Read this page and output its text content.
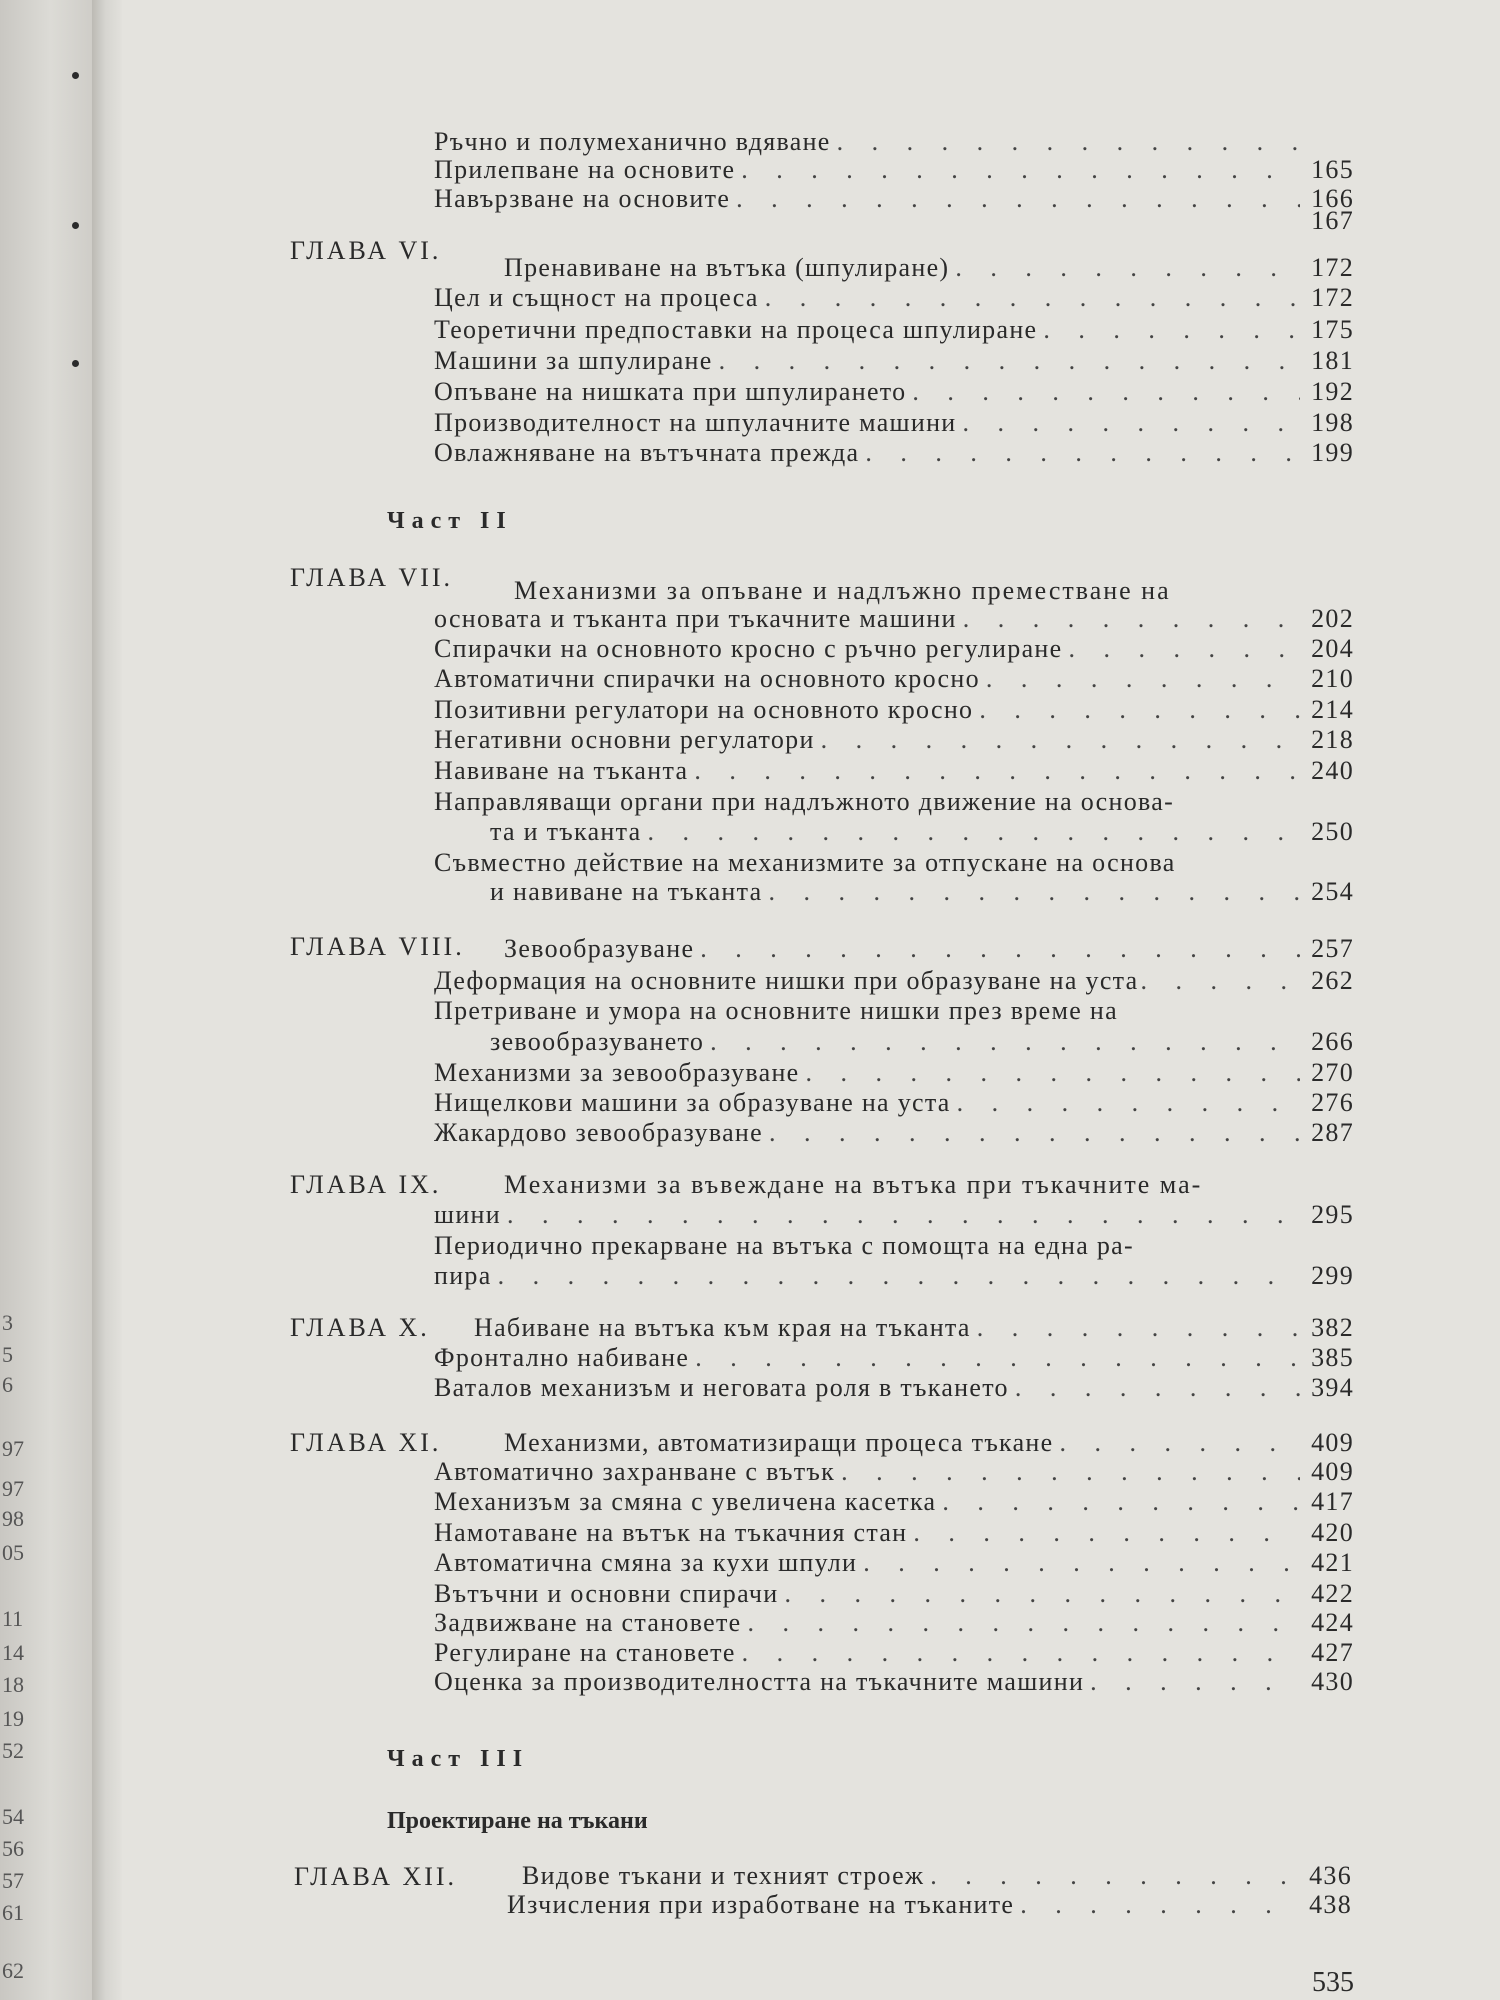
3
5
6
97
97
98
05
11
14
18
19
52
54
56
57
61
62
Ръчно и полумеханично вдяване
. . .
Прилепване на основите . . .	165
Навързване на основите . . .	166
167
ГЛАВА VI.
Пренавиване на вътъка (шпулиране) . . .	172
Цел и същност на процеса . . .	172
Теоретични предпоставки на процеса шпулиране . . .	175
Машини за шпулиране . . .	181
Опъване на нишката при шпулирането . . .	192
Производителност на шпулачните машини . . .	198
Овлажняване на вътъчната прежда . . .	199
Част II
ГЛАВА VII. Механизми за опъване и надлъжно преместване на
основата и тъканта при тъкачните машини . . .	202
Спирачки на основното кросно с ръчно регулиране . . .	204
Автоматични спирачки на основното кросно . . .	210
Позитивни регулатори на основното кросно . . .	214
Негативни основни регулатори . . .	218
Навиване на тъканта . . .	240
Направляващи органи при надлъжното движение на основа-
та и тъканта . . .	250
Съвместно действие на механизмите за отпускане на основа
и навиване на тъканта . . .	254
ГЛАВА VIII. Зевообразуване . . .	257
Деформация на основните нишки при образуване на уста . . .	262
Претриване и умора на основните нишки през време на
зевообразуването . . .	266
Механизми за зевообразуване . . .	270
Нищелкови машини за образуване на уста . . .	276
Жакардово зевообразуване . . .	287
ГЛАВА IX. Механизми за въвеждане на вътъка при тъкачните ма-
шини . . .	295
Периодично прекарване на вътъка с помощта на една ра-
пира . . .	299
ГЛАВА X. Набиване на вътъка към края на тъканта . . .	382
Фронтално набиване . . .	385
Ваталов механизъм и неговата роля в тъкането . . .	394
ГЛАВА XI. Механизми, автоматизиращи процеса тъкане . . .	409
Автоматично захранване с вътък . . .	409
Механизъм за смяна с увеличена касетка . . .	417
Намотаване на вътък на тъкачния стан . . .	420
Автоматична смяна за кухи шпули . . .	421
Вътъчни и основни спирачи . . .	422
Задвижване на становете . . .	424
Регулиране на становете . . .	427
Оценка за производителността на тъкачните машини . . .	430
Част III
Проектиране на тъкани
ГЛАВА XII. Видове тъкани и техният строеж . . .	436
Изчисления при изработване на тъканите . . .	438
535
